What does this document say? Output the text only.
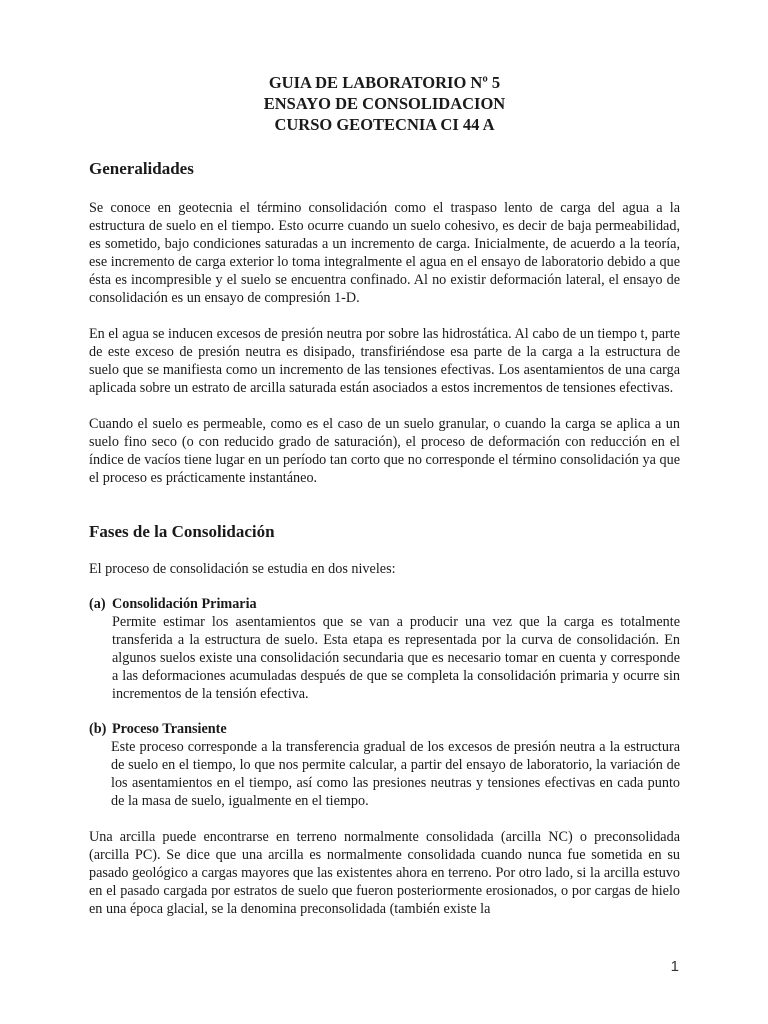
GUIA DE LABORATORIO Nº 5
ENSAYO DE CONSOLIDACION
CURSO GEOTECNIA CI 44 A
Generalidades

Se conoce en geotecnia el término consolidación como el traspaso lento de carga del agua a la estructura de suelo en el tiempo. Esto ocurre cuando un suelo cohesivo, es decir de baja permeabilidad, es sometido, bajo condiciones saturadas a un incremento de carga. Inicialmente, de acuerdo a la teoría, ese incremento de carga exterior lo toma integralmente el agua en el ensayo de laboratorio debido a que ésta es incompresible y el suelo se encuentra confinado. Al no existir deformación lateral, el ensayo de consolidación es un ensayo de compresión 1-D.

En el agua se inducen excesos de presión neutra por sobre las hidrostática. Al cabo de un tiempo t, parte de este exceso de presión neutra es disipado, transfiriéndose esa parte de la carga a la estructura de suelo que se manifiesta como un incremento de las tensiones efectivas. Los asentamientos de una carga aplicada sobre un estrato de arcilla saturada están asociados a estos incrementos de tensiones efectivas.

Cuando el suelo es permeable, como es el caso de un suelo granular, o cuando la carga se aplica a un suelo fino seco (o con reducido grado de saturación), el proceso de deformación con reducción en el índice de vacíos tiene lugar en un período tan corto que no corresponde el término consolidación ya que el proceso es prácticamente instantáneo.

Fases de la Consolidación

El proceso de consolidación se estudia en dos niveles:

(a) Consolidación Primaria
Permite estimar los asentamientos que se van a producir una vez que la carga es totalmente transferida a la estructura de suelo. Esta etapa es representada por la curva de consolidación. En algunos suelos existe una consolidación secundaria que es necesario tomar en cuenta y corresponde a las deformaciones acumuladas después de que se completa la consolidación primaria y ocurre sin incrementos de la tensión efectiva.
(b) Proceso Transiente
Este proceso corresponde a la transferencia gradual de los excesos de presión neutra a la estructura de suelo en el tiempo, lo que nos permite calcular, a partir del ensayo de laboratorio, la variación de los asentamientos en el tiempo, así como las presiones neutras y tensiones efectivas en cada punto de la masa de suelo, igualmente en el tiempo.

Una arcilla puede encontrarse en terreno normalmente consolidada (arcilla NC) o preconsolidada (arcilla PC). Se dice que una arcilla es normalmente consolidada cuando nunca fue sometida en su pasado geológico a cargas mayores que las existentes ahora en terreno. Por otro lado, si la arcilla estuvo en el pasado cargada por estratos de suelo que fueron posteriormente erosionados, o por cargas de hielo en una época glacial, se la denomina preconsolidada (también existe la

1
